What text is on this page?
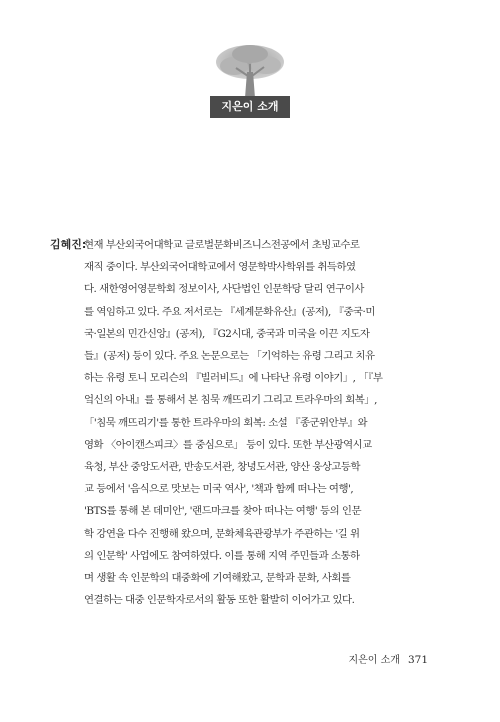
지은이 소개
김혜진:
현재 부산외국어대학교 글로벌문화비즈니스전공에서 초빙교수로
재직 중이다. 부산외국어대학교에서 영문학박사학위를 취득하였
다. 새한영어영문학회 정보이사, 사단법인 인문학당 달리 연구이사
를 역임하고 있다. 주요 저서로는 『세계문화유산』(공저), 『중국·미
국·일본의 민간신앙』(공저), 『G2시대, 중국과 미국을 이끈 지도자
들』(공저) 등이 있다. 주요 논문으로는 「기억하는 유령 그리고 치유
하는 유령 토니 모리슨의 『빌러비드』에 나타난 유령 이야기」, 「『부
엌신의 아내』를 통해서 본 침묵 깨뜨리기 그리고 트라우마의 회복」,
「'침묵 깨뜨리기'를 통한 트라우마의 회복: 소설 『종군위안부』와
영화 〈아이캔스피크〉를 중심으로」 등이 있다. 또한 부산광역시교
육청, 부산 중앙도서관, 반송도서관, 창녕도서관, 양산 웅상고등학
교 등에서 '음식으로 맛보는 미국 역사', '책과 함께 떠나는 여행',
'BTS를 통해 본 데미안', '랜드마크를 찾아 떠나는 여행' 등의 인문
학 강연을 다수 진행해 왔으며, 문화체육관광부가 주관하는 '길 위
의 인문학' 사업에도 참여하였다. 이를 통해 지역 주민들과 소통하
며 생활 속 인문학의 대중화에 기여해왔고, 문학과 문화, 사회를
연결하는 대중 인문학자로서의 활동 또한 활발히 이어가고 있다.
지은이 소개 371
